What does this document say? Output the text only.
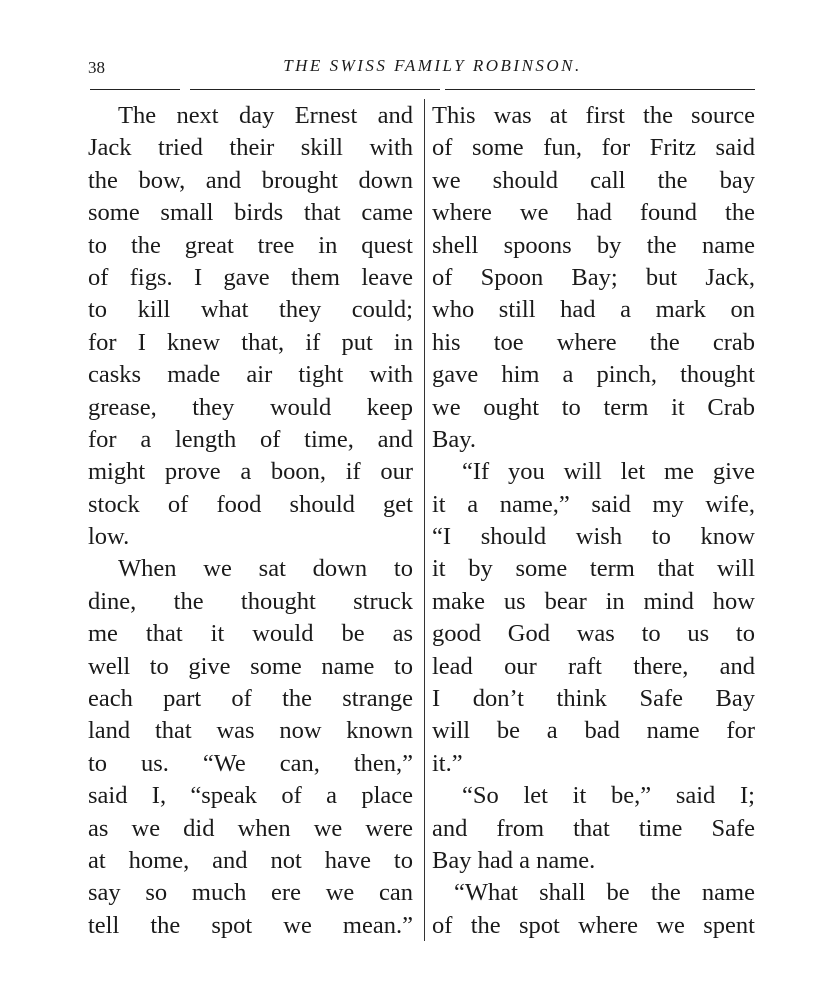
38	THE SWISS FAMILY ROBINSON.
The next day Ernest and
Jack tried their skill with
the bow, and brought down
some small birds that came
to the great tree in quest
of figs. I gave them leave
to kill what they could;
for I knew that, if put in
casks made air tight with
grease, they would keep
for a length of time, and
might prove a boon, if our
stock of food should get
low.
When we sat down to
dine, the thought struck
me that it would be as
well to give some name to
each part of the strange
land that was now known
to us. “We can, then,”
said I, “speak of a place
as we did when we were
at home, and not have to
say so much ere we can
tell the spot we mean.”
This was at first the source
of some fun, for Fritz said
we should call the bay
where we had found the
shell spoons by the name
of Spoon Bay; but Jack,
who still had a mark on
his toe where the crab
gave him a pinch, thought
we ought to term it Crab
Bay.
“If you will let me give
it a name,” said my wife,
“I should wish to know
it by some term that will
make us bear in mind how
good God was to us to
lead our raft there, and
I don’t think Safe Bay
will be a bad name for
it.”
“So let it be,” said I;
and from that time Safe
Bay had a name.
“What shall be the name
of the spot where we spent
